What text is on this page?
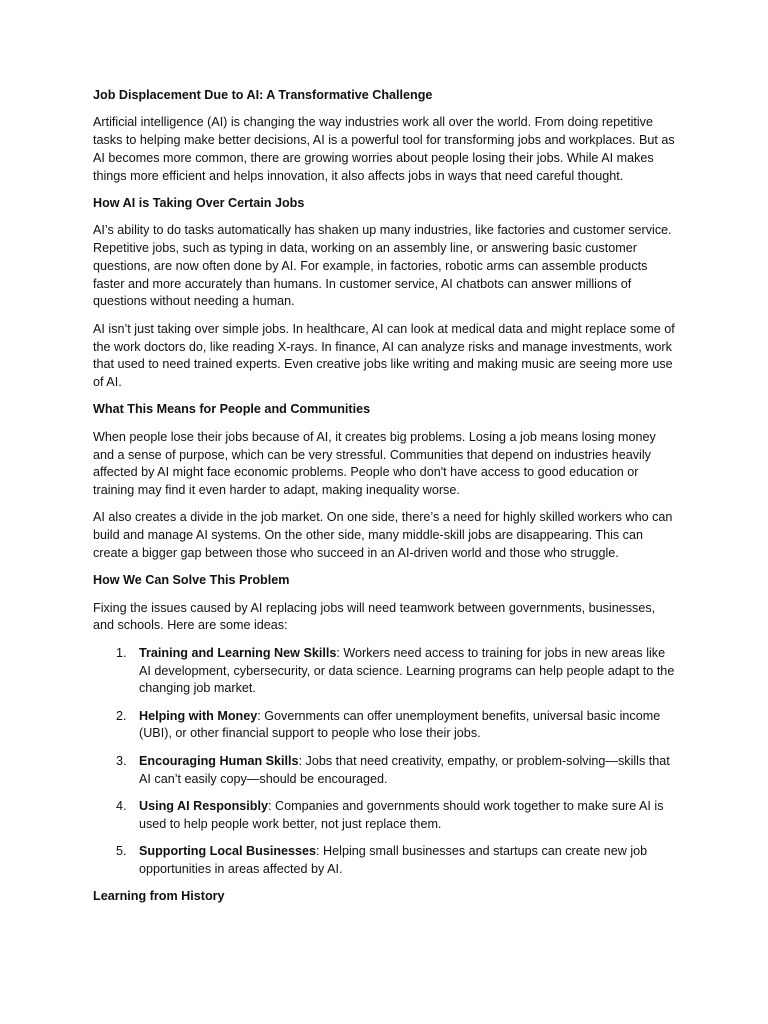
Job Displacement Due to AI: A Transformative Challenge

Artificial intelligence (AI) is changing the way industries work all over the world. From doing repetitive tasks to helping make better decisions, AI is a powerful tool for transforming jobs and workplaces. But as AI becomes more common, there are growing worries about people losing their jobs. While AI makes things more efficient and helps innovation, it also affects jobs in ways that need careful thought.

How AI is Taking Over Certain Jobs

AI’s ability to do tasks automatically has shaken up many industries, like factories and customer service. Repetitive jobs, such as typing in data, working on an assembly line, or answering basic customer questions, are now often done by AI. For example, in factories, robotic arms can assemble products faster and more accurately than humans. In customer service, AI chatbots can answer millions of questions without needing a human.

AI isn’t just taking over simple jobs. In healthcare, AI can look at medical data and might replace some of the work doctors do, like reading X-rays. In finance, AI can analyze risks and manage investments, work that used to need trained experts. Even creative jobs like writing and making music are seeing more use of AI.

What This Means for People and Communities

When people lose their jobs because of AI, it creates big problems. Losing a job means losing money and a sense of purpose, which can be very stressful. Communities that depend on industries heavily affected by AI might face economic problems. People who don't have access to good education or training may find it even harder to adapt, making inequality worse.

AI also creates a divide in the job market. On one side, there’s a need for highly skilled workers who can build and manage AI systems. On the other side, many middle-skill jobs are disappearing. This can create a bigger gap between those who succeed in an AI-driven world and those who struggle.

How We Can Solve This Problem

Fixing the issues caused by AI replacing jobs will need teamwork between governments, businesses, and schools. Here are some ideas:

1. Training and Learning New Skills: Workers need access to training for jobs in new areas like AI development, cybersecurity, or data science. Learning programs can help people adapt to the changing job market.
2. Helping with Money: Governments can offer unemployment benefits, universal basic income (UBI), or other financial support to people who lose their jobs.
3. Encouraging Human Skills: Jobs that need creativity, empathy, or problem-solving—skills that AI can’t easily copy—should be encouraged.
4. Using AI Responsibly: Companies and governments should work together to make sure AI is used to help people work better, not just replace them.
5. Supporting Local Businesses: Helping small businesses and startups can create new job opportunities in areas affected by AI.

Learning from History
